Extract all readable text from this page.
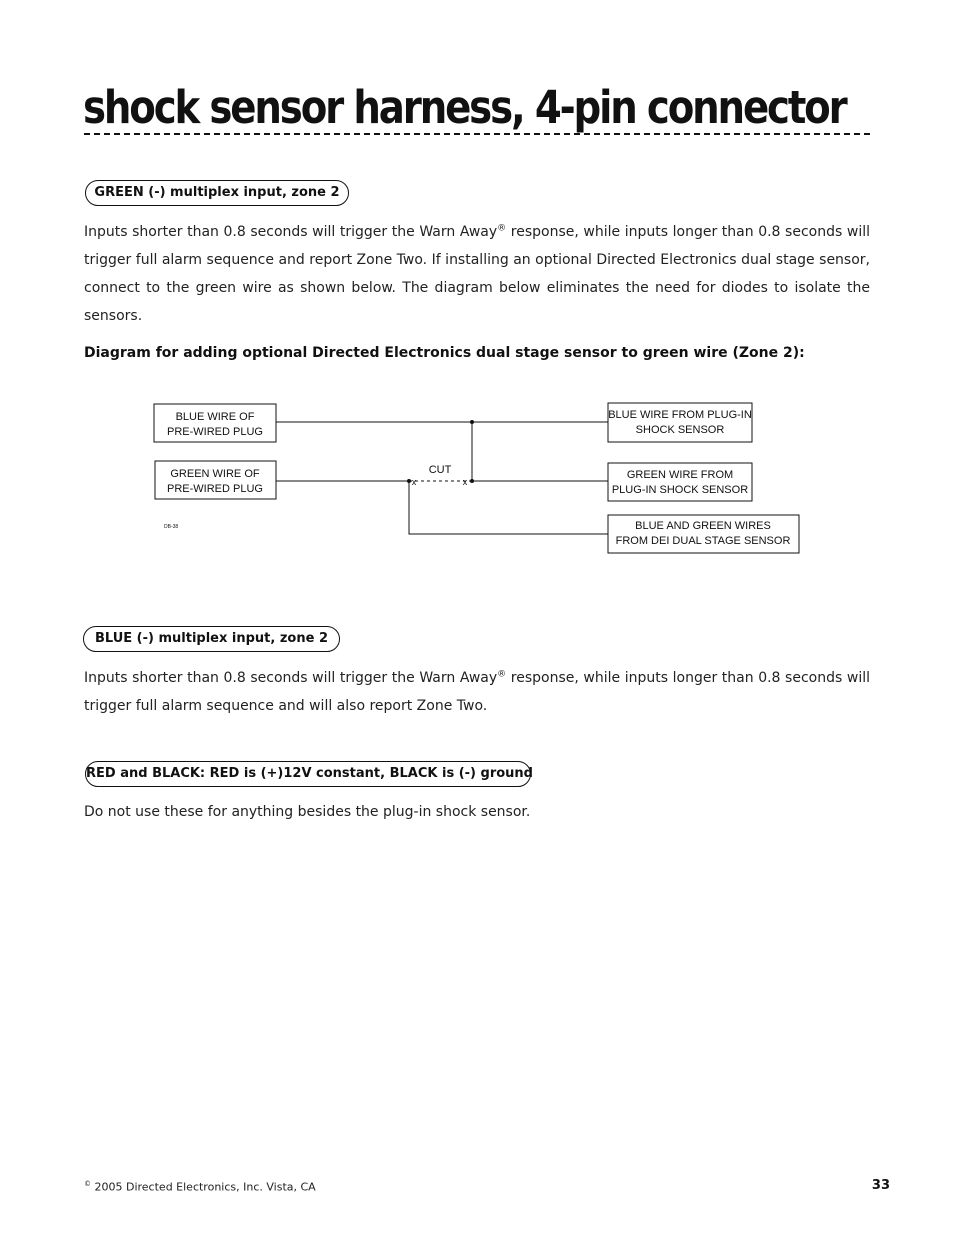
shock sensor harness, 4-pin connector
GREEN (-) multiplex input, zone 2

Inputs shorter than 0.8 seconds will trigger the Warn Away® response, while inputs longer than 0.8 seconds will trigger full alarm sequence and report Zone Two. If installing an optional Directed Electronics dual stage sensor, connect to the green wire as shown below. The diagram below eliminates the need for diodes to isolate the sensors.

Diagram for adding optional Directed Electronics dual stage sensor to green wire (Zone 2):

BLUE WIRE OF
PRE-WIRED PLUG
GREEN WIRE OF
PRE-WIRED PLUG
BLUE WIRE FROM PLUG-IN
SHOCK SENSOR
GREEN WIRE FROM
PLUG-IN SHOCK SENSOR
BLUE AND GREEN WIRES
FROM DEI DUAL STAGE SENSOR
CUT
x	x
DB-38
BLUE (-) multiplex input, zone 2

Inputs shorter than 0.8 seconds will trigger the Warn Away® response, while inputs longer than 0.8 seconds will trigger full alarm sequence and will also report Zone Two.

RED and BLACK: RED is (+)12V constant, BLACK is (-) ground

Do not use these for anything besides the plug-in shock sensor.

© 2005 Directed Electronics, Inc. Vista, CA	33
